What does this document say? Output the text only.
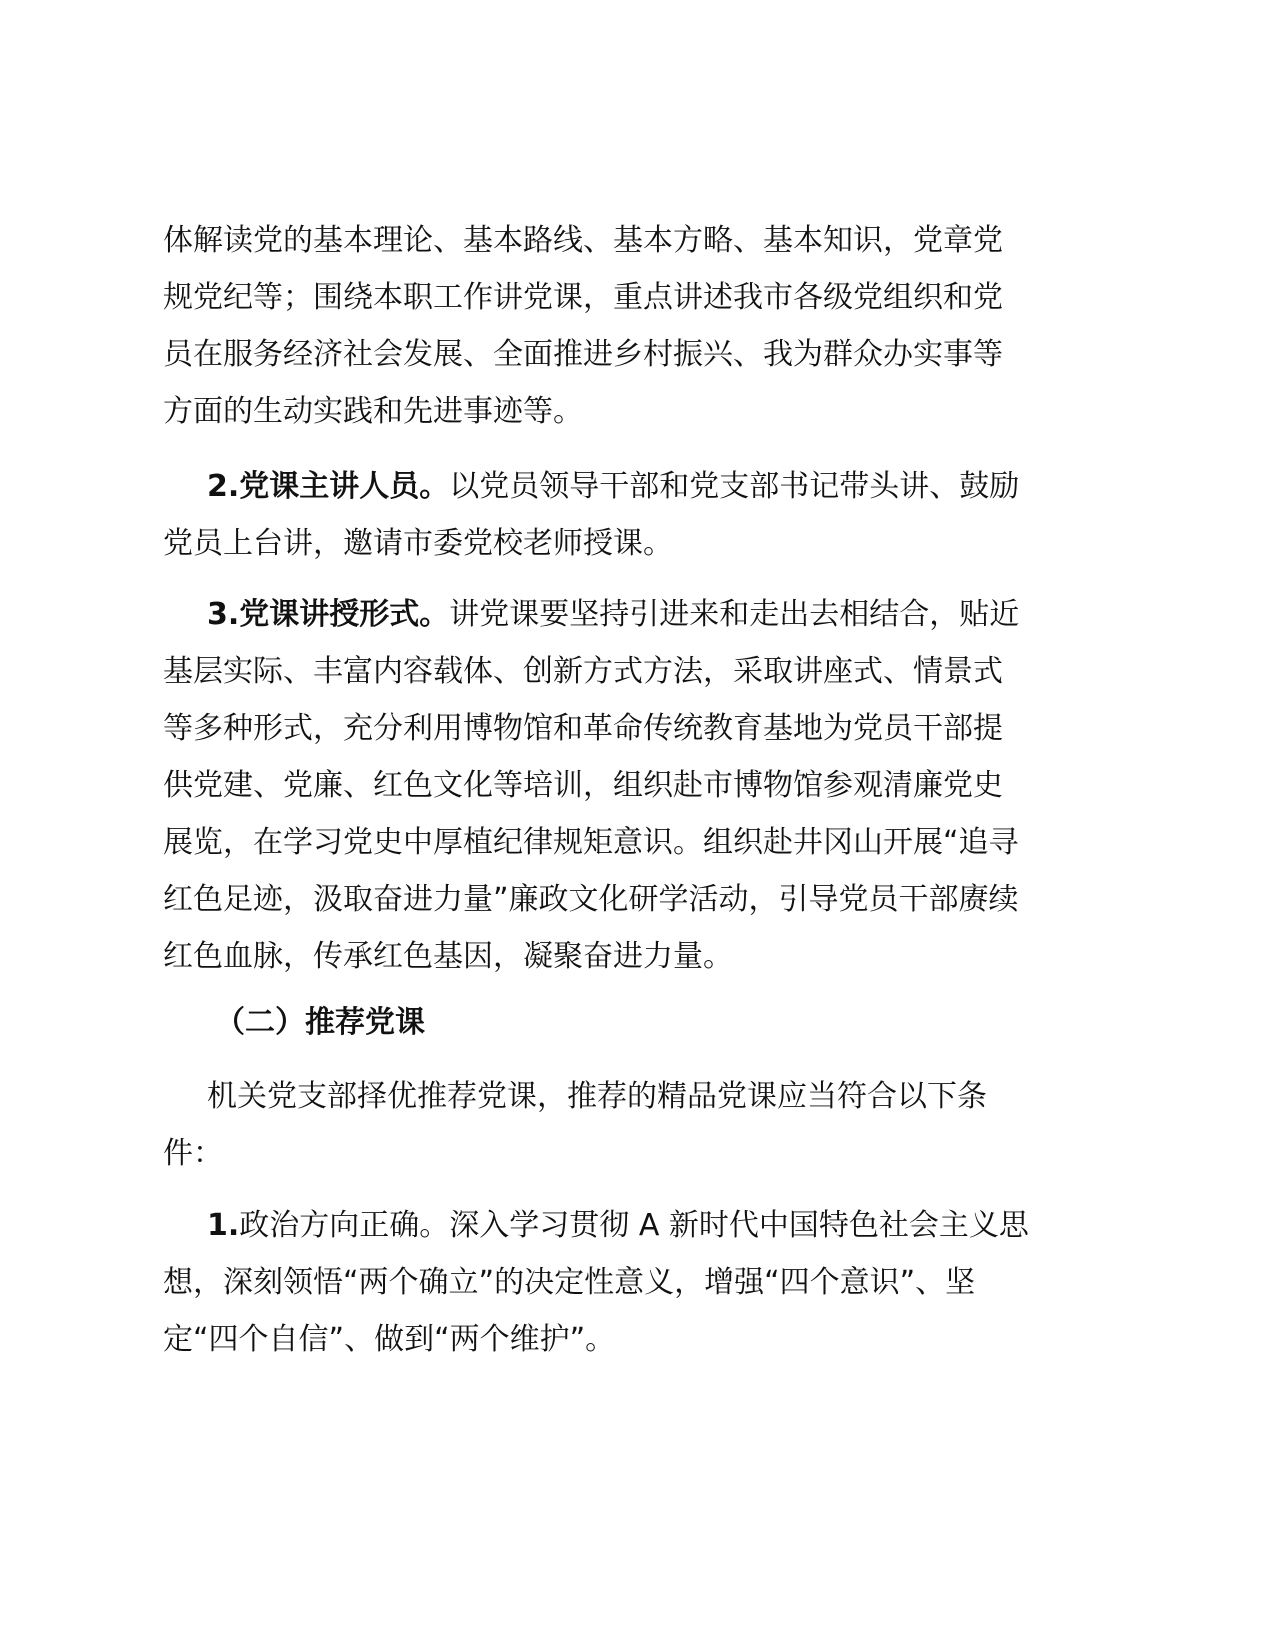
体解读党的基本理论、基本路线、基本方略、基本知识，党章党
规党纪等；围绕本职工作讲党课，重点讲述我市各级党组织和党
员在服务经济社会发展、全面推进乡村振兴、我为群众办实事等
方面的生动实践和先进事迹等。
2.党课主讲人员。以党员领导干部和党支部书记带头讲、鼓励
党员上台讲，邀请市委党校老师授课。
3.党课讲授形式。讲党课要坚持引进来和走出去相结合，贴近
基层实际、丰富内容载体、创新方式方法，采取讲座式、情景式
等多种形式，充分利用博物馆和革命传统教育基地为党员干部提
供党建、党廉、红色文化等培训，组织赴市博物馆参观清廉党史
展览，在学习党史中厚植纪律规矩意识。组织赴井冈山开展“追寻
红色足迹，汲取奋进力量”廉政文化研学活动，引导党员干部赓续
红色血脉，传承红色基因，凝聚奋进力量。
（二）推荐党课
机关党支部择优推荐党课，推荐的精品党课应当符合以下条
件：
1.政治方向正确。深入学习贯彻 A 新时代中国特色社会主义思
想，深刻领悟“两个确立”的决定性意义，增强“四个意识”、坚
定“四个自信”、做到“两个维护”。
